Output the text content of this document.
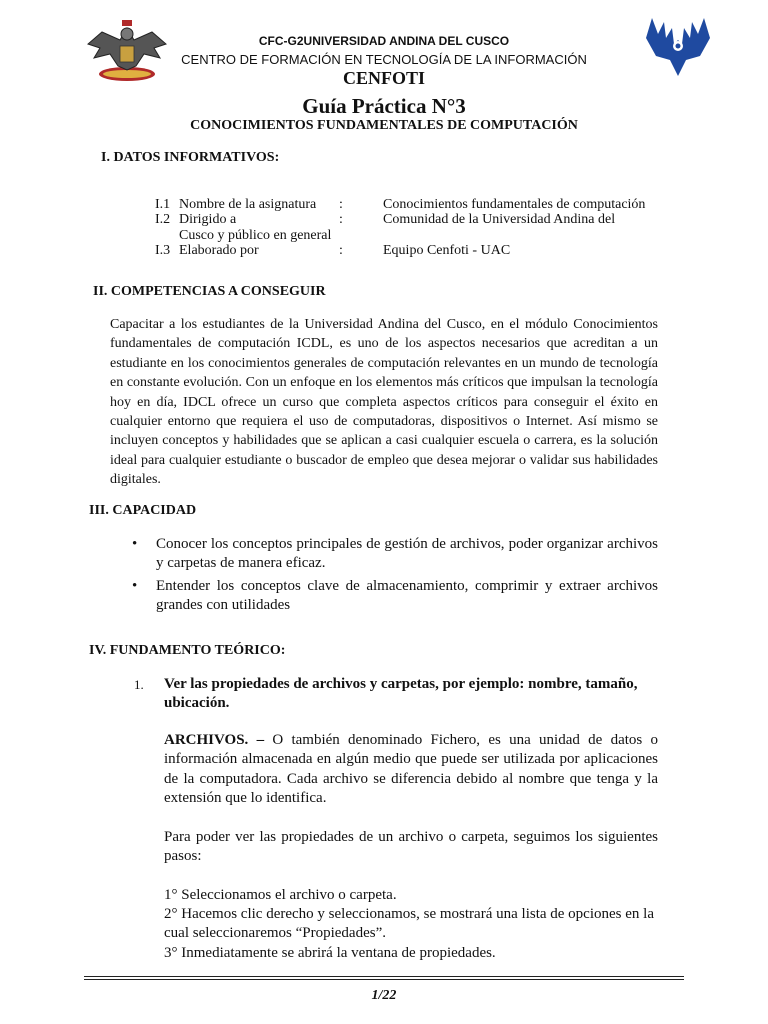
CFC-G2UNIVERSIDAD ANDINA DEL CUSCO
CENTRO DE FORMACIÓN EN TECNOLOGÍA DE LA INFORMACIÓN
CENFOTI
Guía Práctica N°3
CONOCIMIENTOS FUNDAMENTALES DE COMPUTACIÓN
I. DATOS INFORMATIVOS:
I.1 Nombre de la asignatura :	Conocimientos fundamentales de computación
I.2 Dirigido a	:	Comunidad de la Universidad Andina del
Cusco y público en general
I.3 Elaborado por	:	Equipo Cenfoti - UAC
II. COMPETENCIAS A CONSEGUIR
Capacitar a los estudiantes de la Universidad Andina del Cusco, en el módulo Conocimientos fundamentales de computación ICDL, es uno de los aspectos necesarios que acreditan a un estudiante en los conocimientos generales de computación relevantes en un mundo de tecnología en constante evolución. Con un enfoque en los elementos más críticos que impulsan la tecnología hoy en día, IDCL ofrece un curso que completa aspectos críticos para conseguir el éxito en cualquier entorno que requiera el uso de computadoras, dispositivos o Internet. Así mismo se incluyen conceptos y habilidades que se aplican a casi cualquier escuela o carrera, es la solución ideal para cualquier estudiante o buscador de empleo que desea mejorar o validar sus habilidades digitales.
III. CAPACIDAD
• Conocer los conceptos principales de gestión de archivos, poder organizar archivos y carpetas de manera eficaz.
• Entender los conceptos clave de almacenamiento, comprimir y extraer archivos grandes con utilidades
IV. FUNDAMENTO TEÓRICO:
1. Ver las propiedades de archivos y carpetas, por ejemplo: nombre, tamaño, ubicación.
ARCHIVOS. – O también denominado Fichero, es una unidad de datos o información almacenada en algún medio que puede ser utilizada por aplicaciones de la computadora. Cada archivo se diferencia debido al nombre que tenga y la extensión que lo identifica.
Para poder ver las propiedades de un archivo o carpeta, seguimos los siguientes pasos:
1° Seleccionamos el archivo o carpeta.
2° Hacemos clic derecho y seleccionamos, se mostrará una lista de opciones en la cual seleccionaremos “Propiedades”.
3° Inmediatamente se abrirá la ventana de propiedades.
1/22
